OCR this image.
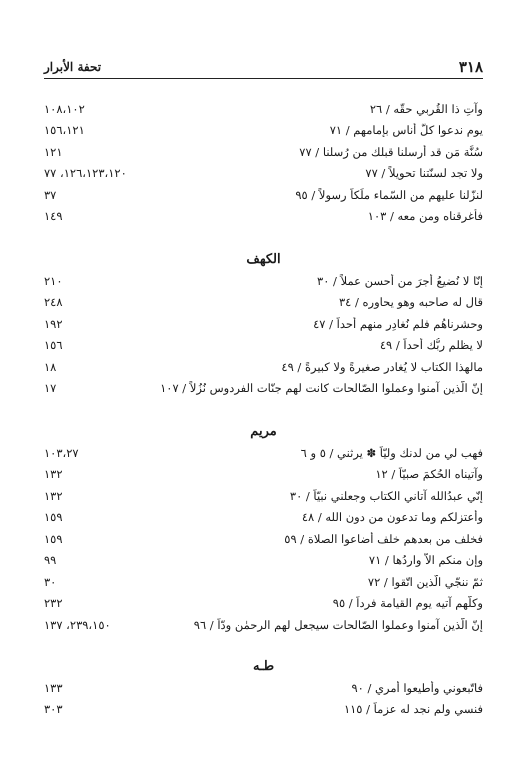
٣١٨
تحفة الأبرار
وآتِ ذا القُربي حقّه / ٢٦
١٠٨،١٠٢
يوم ندعوا كلَّ أُناسٍ بإمامهم / ٧١
١٥٦،١٢١
سُنَّة مَن قد أرسلنا قبلك من رُسلنا / ٧٧
١٢١
ولا تجد لسنّتنا تحويلاً / ٧٧
١٢٦،١٢٣،١٢٠، ٧٧
لنزّلنا عليهم من السّماء ملَكاً رسولاً / ٩٥
٣٧
فأغرقناه ومن معه / ١٠٣
١٤٩
الكهف
إنّا لا نُضيعُ أجرَ من أحسن عملاً / ٣٠
٢١٠
قال له صاحبه وهو يحاوره / ٣٤
٢٤٨
وحشرناهُم فلم نُغادِر منهم أحداً / ٤٧
١٩٢
لا يظلم ربُّك أحداً / ٤٩
١٥٦
مالهذا الكتاب لا يُغادر صغيرةً ولا كبيرةً / ٤٩
١٨
إنّ الّذين آمنوا وعملوا الصّالحات كانت لهم جنّات الفردوس نُزُلاً / ١٠٧
١٧
مريم
فهب لي من لدنك وليّاً ✽ يرثني / ٥ و ٦
١٠٣،٢٧
وآتيناه الحُكمَ صبيّاً / ١٢
١٣٢
إنّي عبدُالله آتاني الكتاب وجعلني نبيّاً / ٣٠
١٣٢
وأعتزلكم وما تدعون من دون الله / ٤٨
١٥٩
فخلف من بعدهم خلف أضاعوا الصلاة / ٥٩
١٥٩
وإن منكم الاّ واردُها / ٧١
٩٩
ثمّ ننجّي الّذين اتّقوا / ٧٢
٣٠
وكلّهم آتيه يوم القيامة فرداً / ٩٥
٢٣٢
إنّ الّذين آمنوا وعملوا الصّالحات سيجعل لهم الرحمٰن ودّاً / ٩٦
٢٣٩،١٥٠، ١٣٧
طـه
فاتّبعوني وأطيعوا أمري / ٩٠
١٣٣
فنسي ولم نجد له عزماً / ١١٥
٣٠٣
